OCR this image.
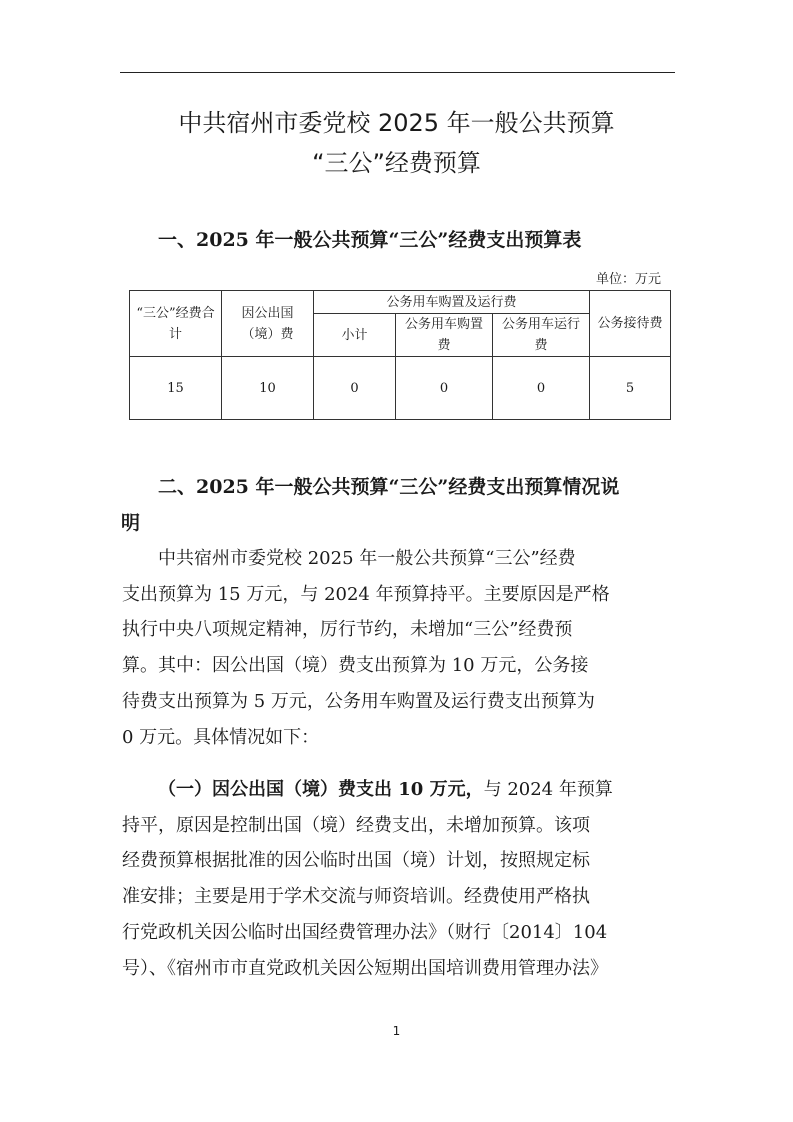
中共宿州市委党校 2025 年一般公共预算
“三公”经费预算
一、2025 年一般公共预算“三公”经费支出预算表
单位：万元
“三公”经费合计	因公出国（境）费	公务用车购置及运行费			公务接待费
		小计	公务用车购置费	公务用车运行费	
15	10	0	0	0	5
二、2025 年一般公共预算“三公”经费支出预算情况说
明
中共宿州市委党校 2025 年一般公共预算“三公”经费
支出预算为 15 万元，与 2024 年预算持平。主要原因是严格
执行中央八项规定精神，厉行节约，未增加“三公”经费预
算。其中：因公出国（境）费支出预算为 10 万元，公务接
待费支出预算为 5 万元，公务用车购置及运行费支出预算为
0 万元。具体情况如下：
（一）因公出国（境）费支出 10 万元，与 2024 年预算
持平，原因是控制出国（境）经费支出，未增加预算。该项
经费预算根据批准的因公临时出国（境）计划，按照规定标
准安排；主要是用于学术交流与师资培训。经费使用严格执
行党政机关因公临时出国经费管理办法》（财行〔2014〕104
号）、《宿州市市直党政机关因公短期出国培训费用管理办法》
1
